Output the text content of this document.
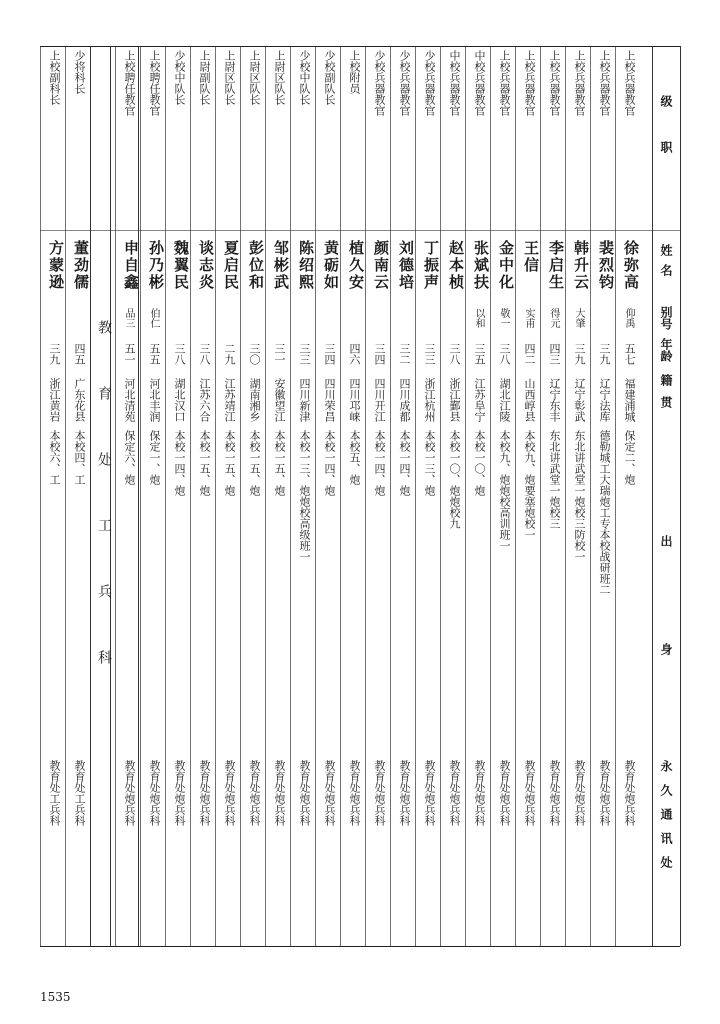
级职
姓名
别号
年龄
籍贯
出身
永久通讯处
教
育
处
工
兵
科
上校兵器教官
徐弥高
仰禹
五七
福建浦城
保定二、炮
教育处炮兵科
上校兵器教官
裴烈钧
三九
辽宁法库
德勒城工大瑞炮工专本校战研班二
教育处炮兵科
上校兵器教官
韩升云
大肇
三九
辽宁彰武
东北讲武堂一炮校三防校一
教育处炮兵科
上校兵器教官
李启生
得元
四三
辽宁东丰
东北讲武堂一炮校三
教育处炮兵科
上校兵器教官
王信
实甫
四二
山西崞县
本校九、炮要塞炮校一
教育处炮兵科
上校兵器教官
金中化
敬一
三八
湖北江陵
本校九、炮炮校高训班一
教育处炮兵科
中校兵器教官
张斌扶
以和
三五
江苏阜宁
本校一〇、炮
教育处炮兵科
中校兵器教官
赵本桢
三八
浙江鄞县
本校一〇、炮炮校九
教育处炮兵科
少校兵器教官
丁振声
三三
浙江杭州
本校一三、炮
教育处炮兵科
少校兵器教官
刘德培
三二
四川成都
本校一四、炮
教育处炮兵科
少校兵器教官
颜南云
三四
四川开江
本校一四、炮
教育处炮兵科
上校附员
植久安
四六
四川邛崃
本校五、炮
教育处炮兵科
少校副队长
黄砺如
三四
四川荣昌
本校一四、炮
教育处炮兵科
少校中队长
陈绍熙
三三
四川新津
本校一三、炮炮校高级班一
教育处炮兵科
上尉区队长
邹彬武
三一
安徽望江
本校一五、炮
教育处炮兵科
上尉区队长
彭位和
三〇
湖南湘乡
本校一五、炮
教育处炮兵科
上尉区队长
夏启民
二九
江苏靖江
本校一五、炮
教育处炮兵科
上尉副队长
谈志炎
三八
江苏六合
本校一五、炮
教育处炮兵科
少校中队长
魏翼民
三八
湖北汉口
本校一四、炮
教育处炮兵科
上校聘任教官
孙乃彬
伯仁
五五
河北丰润
保定一、炮
教育处炮兵科
上校聘任教官
申自鑫
品三
五一
河北清苑
保定六、炮
教育处炮兵科
少将科长
董劲儒
四五
广东花县
本校四、工
教育处工兵科
上校副科长
方蒙逊
三九
浙江黄岩
本校六、工
教育处工兵科
1535
